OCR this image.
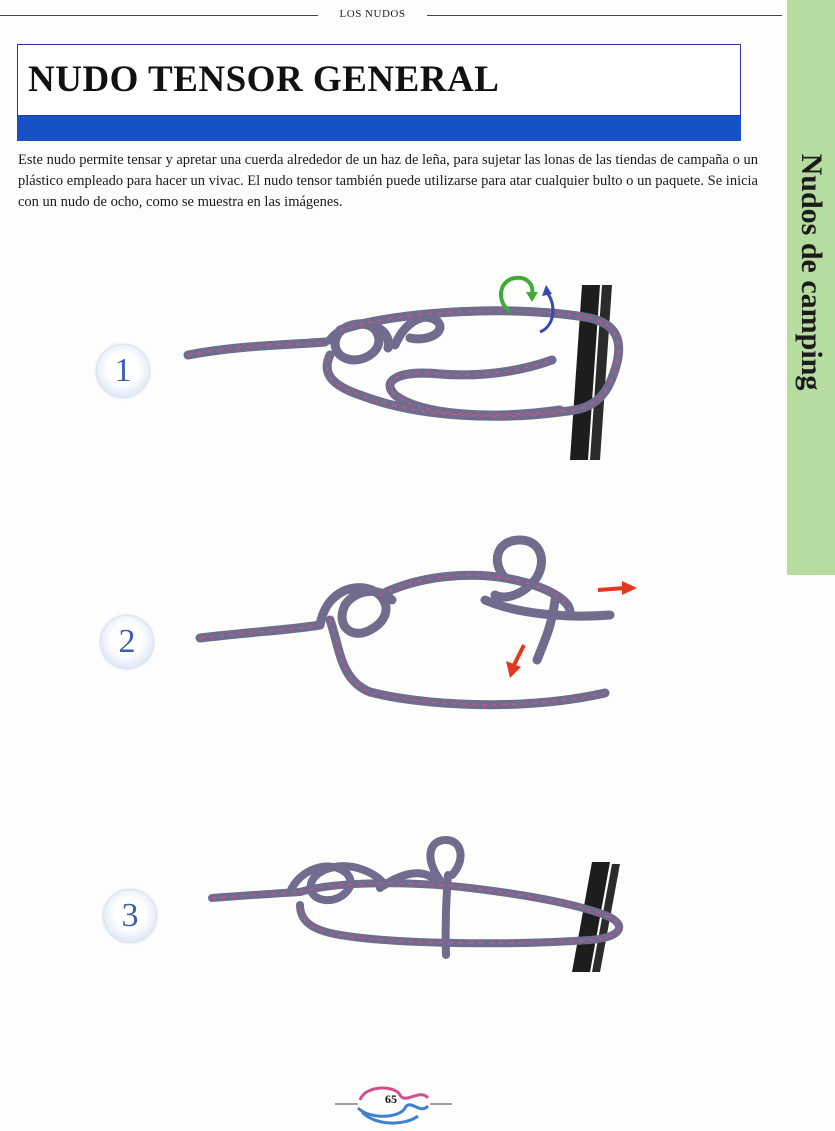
LOS NUDOS
Nudos de camping
NUDO TENSOR GENERAL

Este nudo permite tensar y apretar una cuerda alrededor de un haz de leña, para sujetar las lonas de las tiendas de campaña o un plástico empleado para hacer un vivac. El nudo tensor también puede utilizarse para atar cualquier bulto o un paquete. Se inicia con un nudo de ocho, como se muestra en las imágenes.

1
2
3
65
